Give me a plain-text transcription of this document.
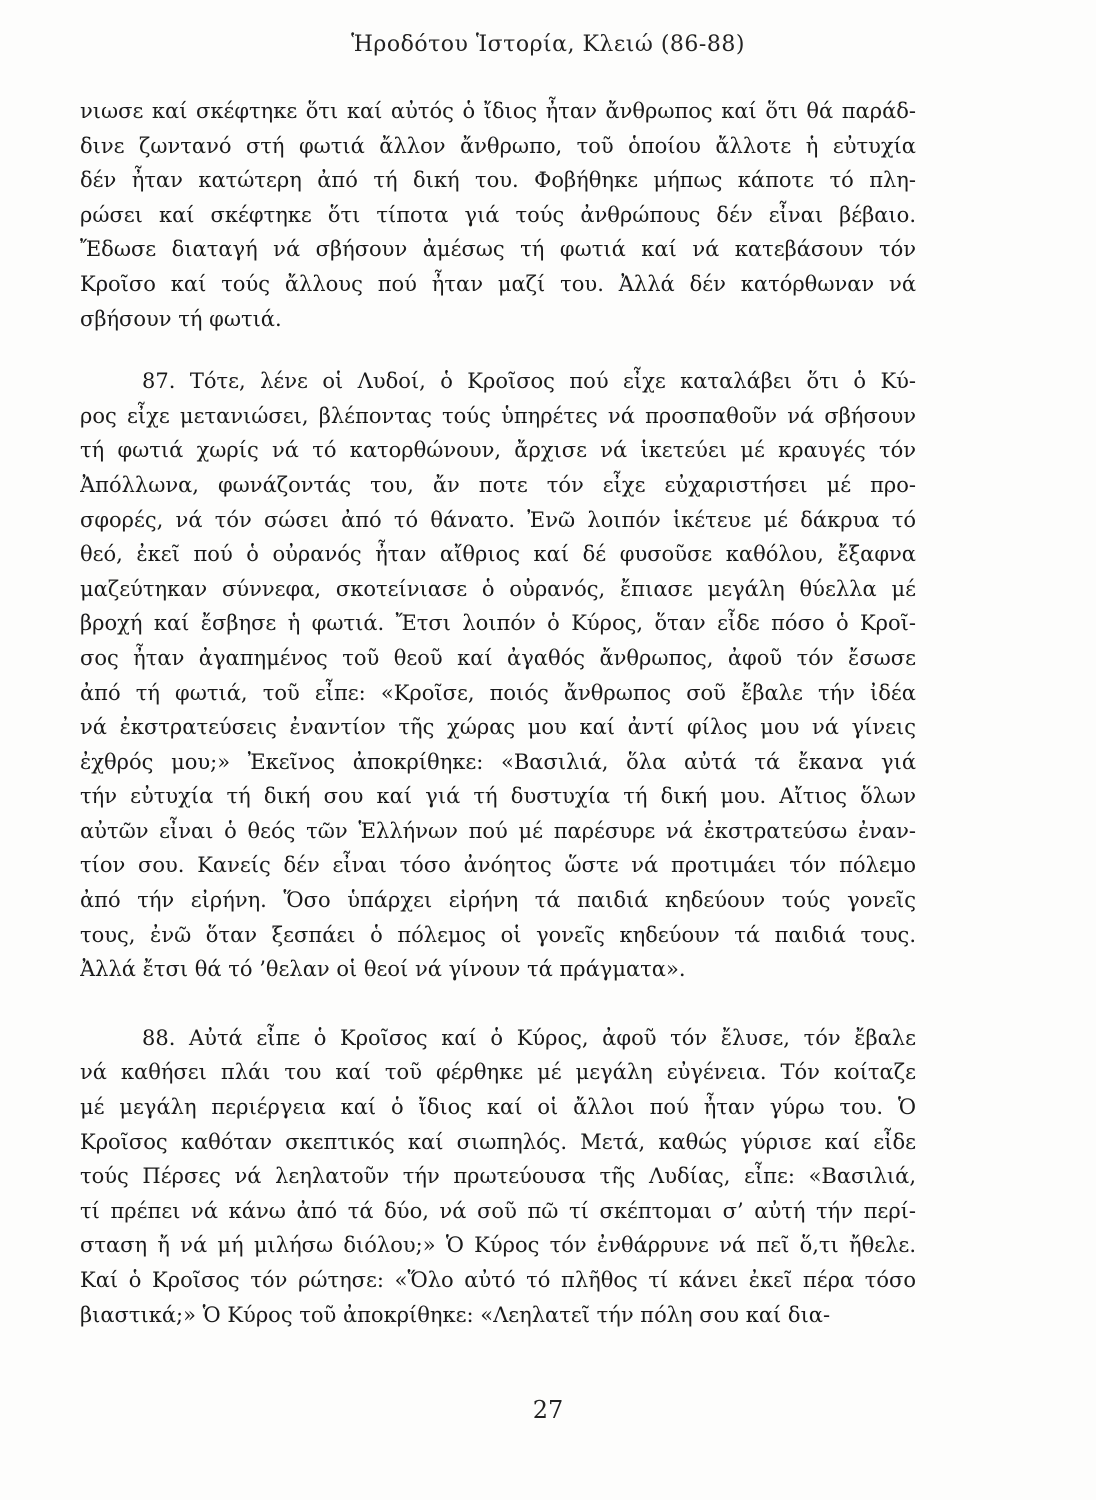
Ἡροδότου Ἱστορία, Κλειώ (86-88)
νιωσε καί σκέφτηκε ὅτι καί αὐτός ὁ ἴδιος ἦταν ἄνθρωπος καί ὅτι θά παράδ-
δινε ζωντανό στή φωτιά ἄλλον ἄνθρωπο, τοῦ ὁποίου ἄλλοτε ἡ εὐτυχία
δέν ἦταν κατώτερη ἀπό τή δική του. Φοβήθηκε μήπως κάποτε τό πλη-
ρώσει καί σκέφτηκε ὅτι τίποτα γιά τούς ἀνθρώπους δέν εἶναι βέβαιο.
Ἔδωσε διαταγή νά σβήσουν ἀμέσως τή φωτιά καί νά κατεβάσουν τόν
Κροῖσο καί τούς ἄλλους πού ἦταν μαζί του. Ἀλλά δέν κατόρθωναν νά
σβήσουν τή φωτιά.
87. Τότε, λένε οἱ Λυδοί, ὁ Κροῖσος πού εἶχε καταλάβει ὅτι ὁ Κύ-
ρος εἶχε μετανιώσει, βλέποντας τούς ὑπηρέτες νά προσπαθοῦν νά σβήσουν
τή φωτιά χωρίς νά τό κατορθώνουν, ἄρχισε νά ἱκετεύει μέ κραυγές τόν
Ἀπόλλωνα, φωνάζοντάς του, ἄν ποτε τόν εἶχε εὐχαριστήσει μέ προ-
σφορές, νά τόν σώσει ἀπό τό θάνατο. Ἐνῶ λοιπόν ἱκέτευε μέ δάκρυα τό
θεό, ἐκεῖ πού ὁ οὐρανός ἦταν αἴθριος καί δέ φυσοῦσε καθόλου, ἔξαφνα
μαζεύτηκαν σύννεφα, σκοτείνιασε ὁ οὐρανός, ἔπιασε μεγάλη θύελλα μέ
βροχή καί ἔσβησε ἡ φωτιά. Ἔτσι λοιπόν ὁ Κύρος, ὅταν εἶδε πόσο ὁ Κροῖ-
σος ἦταν ἀγαπημένος τοῦ θεοῦ καί ἀγαθός ἄνθρωπος, ἀφοῦ τόν ἔσωσε
ἀπό τή φωτιά, τοῦ εἶπε: «Κροῖσε, ποιός ἄνθρωπος σοῦ ἔβαλε τήν ἰδέα
νά ἐκστρατεύσεις ἐναντίον τῆς χώρας μου καί ἀντί φίλος μου νά γίνεις
ἐχθρός μου;» Ἐκεῖνος ἀποκρίθηκε: «Βασιλιά, ὅλα αὐτά τά ἔκανα γιά
τήν εὐτυχία τή δική σου καί γιά τή δυστυχία τή δική μου. Αἴτιος ὅλων
αὐτῶν εἶναι ὁ θεός τῶν Ἑλλήνων πού μέ παρέσυρε νά ἐκστρατεύσω ἐναν-
τίον σου. Κανείς δέν εἶναι τόσο ἀνόητος ὥστε νά προτιμάει τόν πόλεμο
ἀπό τήν εἰρήνη. Ὅσο ὑπάρχει εἰρήνη τά παιδιά κηδεύουν τούς γονεῖς
τους, ἐνῶ ὅταν ξεσπάει ὁ πόλεμος οἱ γονεῖς κηδεύουν τά παιδιά τους.
Ἀλλά ἔτσι θά τό ’θελαν οἱ θεοί νά γίνουν τά πράγματα».
88. Αὐτά εἶπε ὁ Κροῖσος καί ὁ Κύρος, ἀφοῦ τόν ἔλυσε, τόν ἔβαλε
νά καθήσει πλάι του καί τοῦ φέρθηκε μέ μεγάλη εὐγένεια. Τόν κοίταζε
μέ μεγάλη περιέργεια καί ὁ ἴδιος καί οἱ ἄλλοι πού ἦταν γύρω του. Ὁ
Κροῖσος καθόταν σκεπτικός καί σιωπηλός. Μετά, καθώς γύρισε καί εἶδε
τούς Πέρσες νά λεηλατοῦν τήν πρωτεύουσα τῆς Λυδίας, εἶπε: «Βασιλιά,
τί πρέπει νά κάνω ἀπό τά δύο, νά σοῦ πῶ τί σκέπτομαι σ’ αὐτή τήν περί-
σταση ἤ νά μή μιλήσω διόλου;» Ὁ Κύρος τόν ἐνθάρρυνε νά πεῖ ὅ,τι ἤθελε.
Καί ὁ Κροῖσος τόν ρώτησε: «Ὅλο αὐτό τό πλῆθος τί κάνει ἐκεῖ πέρα τόσο
βιαστικά;» Ὁ Κύρος τοῦ ἀποκρίθηκε: «Λεηλατεῖ τήν πόλη σου καί δια-
27
